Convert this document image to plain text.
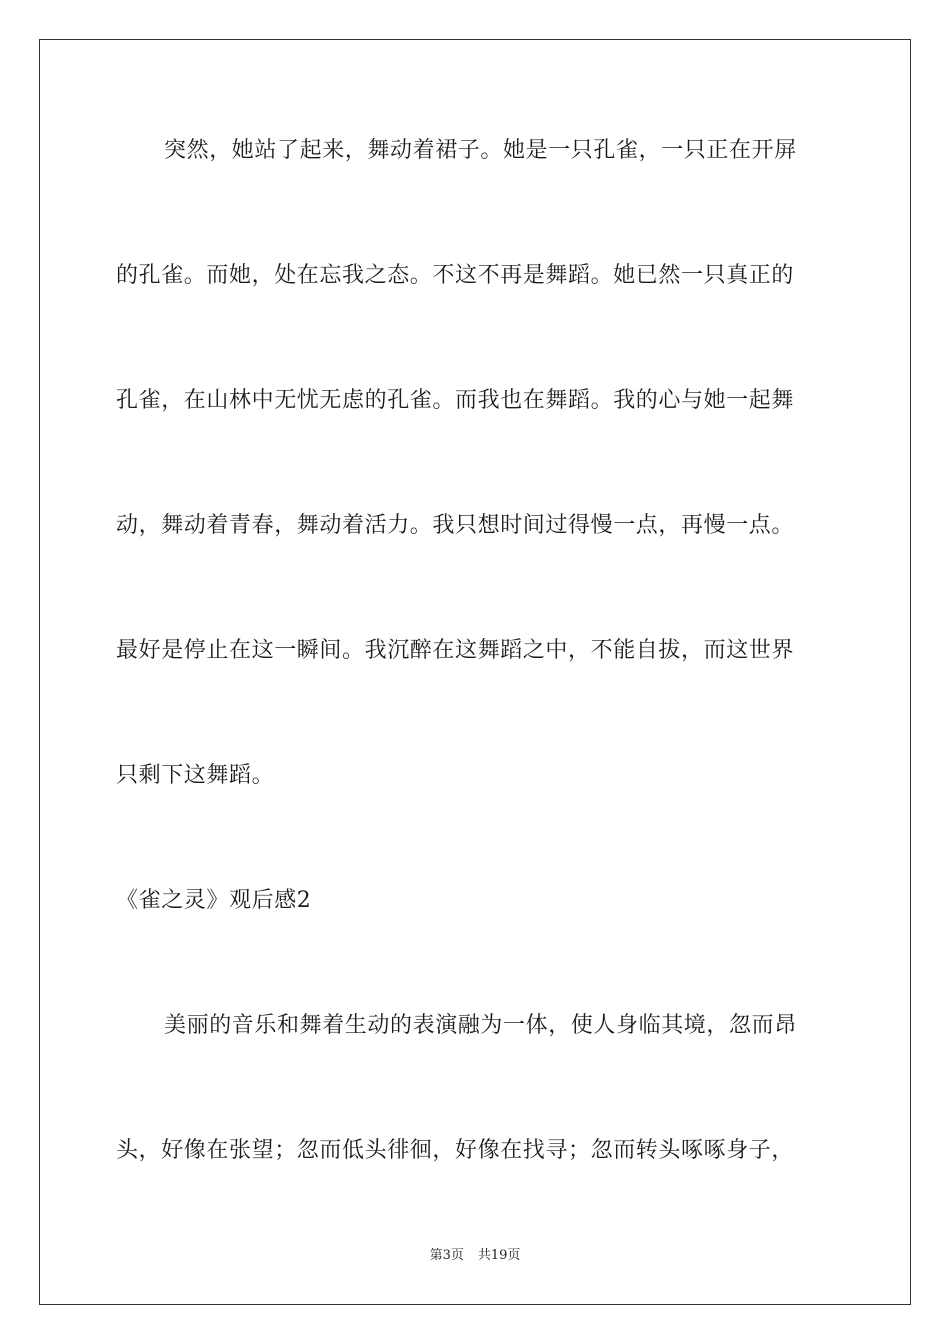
突然，她站了起来，舞动着裙子。她是一只孔雀，一只正在开屏
的孔雀。而她，处在忘我之态。不这不再是舞蹈。她已然一只真正的
孔雀，在山林中无忧无虑的孔雀。而我也在舞蹈。我的心与她一起舞
动，舞动着青春，舞动着活力。我只想时间过得慢一点，再慢一点。
最好是停止在这一瞬间。我沉醉在这舞蹈之中，不能自拔，而这世界
只剩下这舞蹈。
《雀之灵》观后感2
美丽的音乐和舞着生动的表演融为一体，使人身临其境，忽而昂
头，好像在张望；忽而低头徘徊，好像在找寻；忽而转头啄啄身子，
第3页 共19页
